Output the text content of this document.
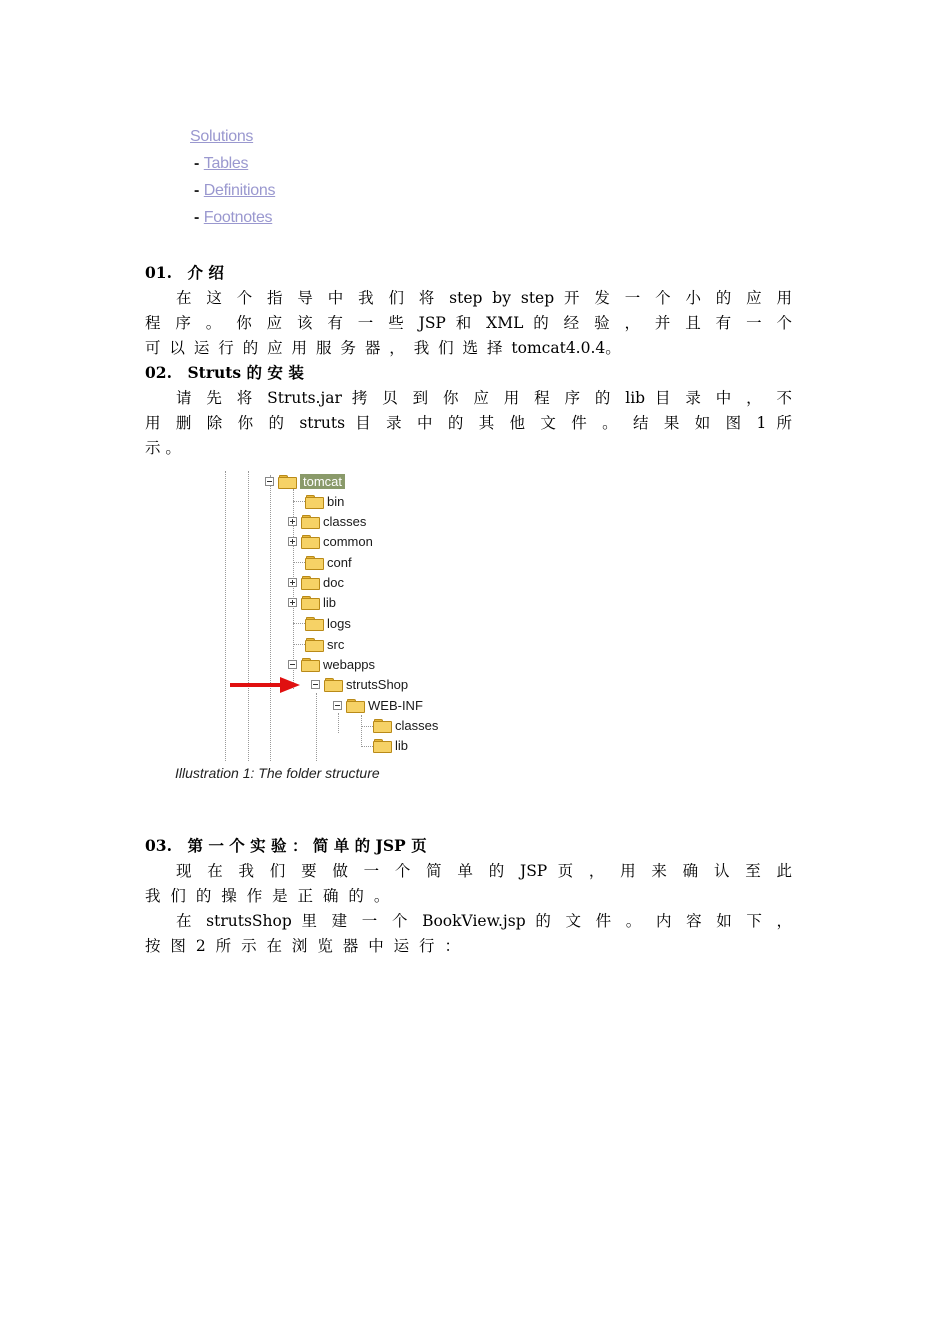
Solutions
- Tables
- Definitions
- Footnotes
01.　介 绍
在 这 个 指 导 中 我 们 将 step by step 开 发 一 个 小 的 应 用
程 序 。 你 应 该 有 一 些 JSP 和 XML 的 经 验 ， 并 且 有 一 个
可 以 运 行 的 应 用 服 务 器 ， 我 们 选 择 tomcat4.0.4。
02.　Struts 的 安 装
请 先 将 Struts.jar 拷 贝 到 你 应 用 程 序 的 lib 目 录 中 ， 不
用 删 除 你 的 struts 目 录 中 的 其 他 文 件 。 结 果 如 图 1 所
示 。
tomcat
bin
classes
common
conf
doc
lib
logs
src
webapps
strutsShop
WEB-INF
classes
lib
Illustration 1: The folder structure
03.　第 一 个 实 验 ： 简 单 的 JSP 页
现 在 我 们 要 做 一 个 简 单 的 JSP 页 ， 用 来 确 认 至 此
我 们 的 操 作 是 正 确 的 。
在 strutsShop 里 建 一 个 BookView.jsp 的 文 件 。 内 容 如 下 ，
按 图 2 所 示 在 浏 览 器 中 运 行 ：
